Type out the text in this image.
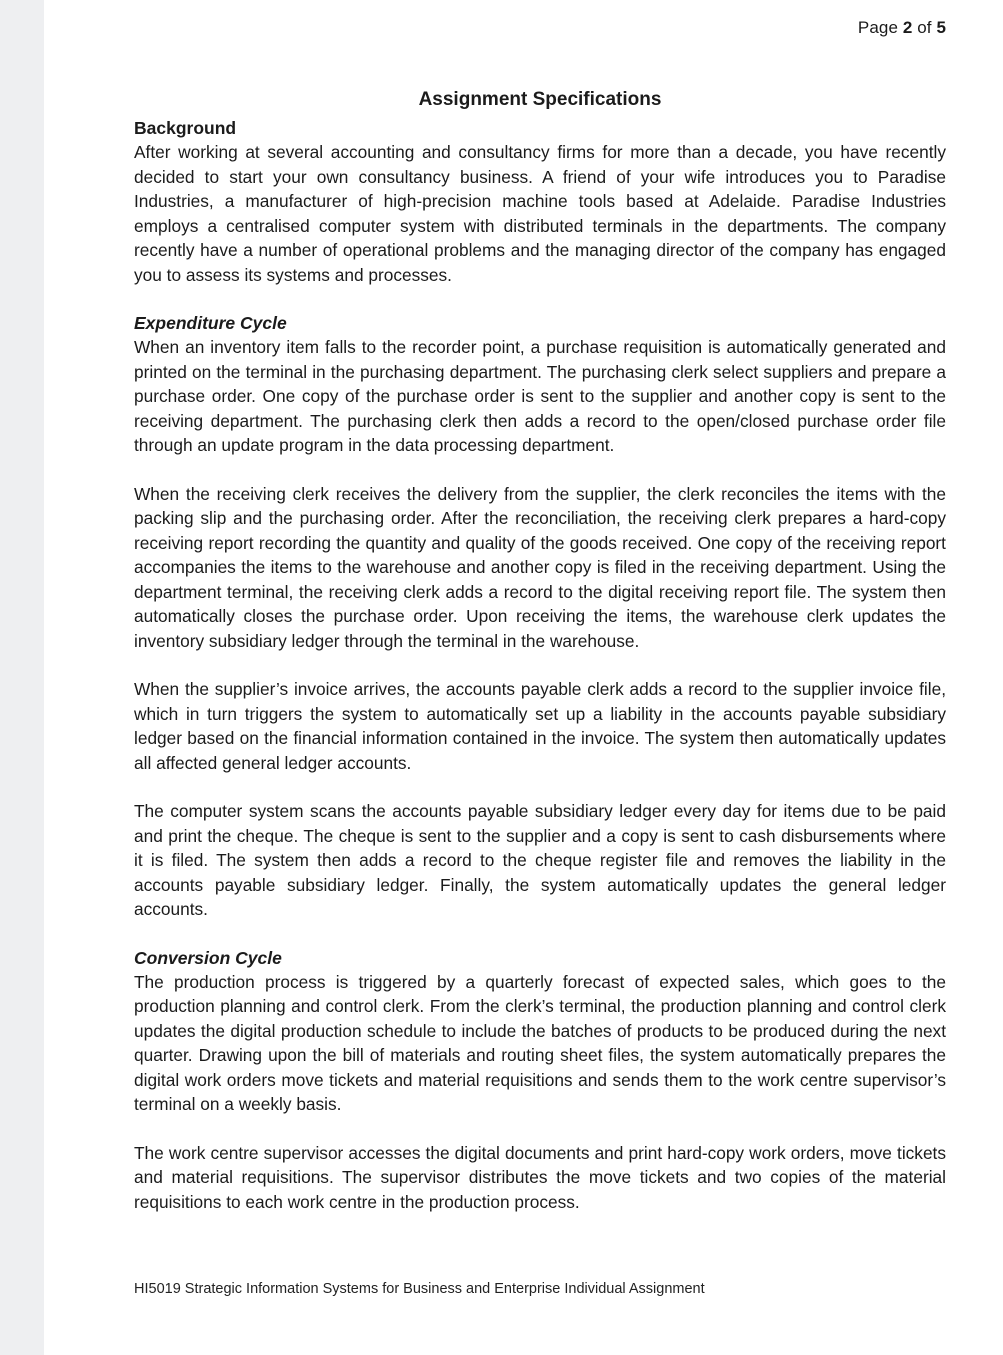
Page 2 of 5
Assignment Specifications
Background

After working at several accounting and consultancy firms for more than a decade, you have recently decided to start your own consultancy business. A friend of your wife introduces you to Paradise Industries, a manufacturer of high-precision machine tools based at Adelaide. Paradise Industries employs a centralised computer system with distributed terminals in the departments. The company recently have a number of operational problems and the managing director of the company has engaged you to assess its systems and processes.

Expenditure Cycle

When an inventory item falls to the recorder point, a purchase requisition is automatically generated and printed on the terminal in the purchasing department. The purchasing clerk select suppliers and prepare a purchase order. One copy of the purchase order is sent to the supplier and another copy is sent to the receiving department. The purchasing clerk then adds a record to the open/closed purchase order file through an update program in the data processing department.

When the receiving clerk receives the delivery from the supplier, the clerk reconciles the items with the packing slip and the purchasing order. After the reconciliation, the receiving clerk prepares a hard-copy receiving report recording the quantity and quality of the goods received. One copy of the receiving report accompanies the items to the warehouse and another copy is filed in the receiving department. Using the department terminal, the receiving clerk adds a record to the digital receiving report file. The system then automatically closes the purchase order. Upon receiving the items, the warehouse clerk updates the inventory subsidiary ledger through the terminal in the warehouse.

When the supplier’s invoice arrives, the accounts payable clerk adds a record to the supplier invoice file, which in turn triggers the system to automatically set up a liability in the accounts payable subsidiary ledger based on the financial information contained in the invoice. The system then automatically updates all affected general ledger accounts.

The computer system scans the accounts payable subsidiary ledger every day for items due to be paid and print the cheque. The cheque is sent to the supplier and a copy is sent to cash disbursements where it is filed. The system then adds a record to the cheque register file and removes the liability in the accounts payable subsidiary ledger. Finally, the system automatically updates the general ledger accounts.

Conversion Cycle

The production process is triggered by a quarterly forecast of expected sales, which goes to the production planning and control clerk. From the clerk’s terminal, the production planning and control clerk updates the digital production schedule to include the batches of products to be produced during the next quarter. Drawing upon the bill of materials and routing sheet files, the system automatically prepares the digital work orders move tickets and material requisitions and sends them to the work centre supervisor’s terminal on a weekly basis.

The work centre supervisor accesses the digital documents and print hard-copy work orders, move tickets and material requisitions. The supervisor distributes the move tickets and two copies of the material requisitions to each work centre in the production process.

HI5019 Strategic Information Systems for Business and Enterprise Individual Assignment
